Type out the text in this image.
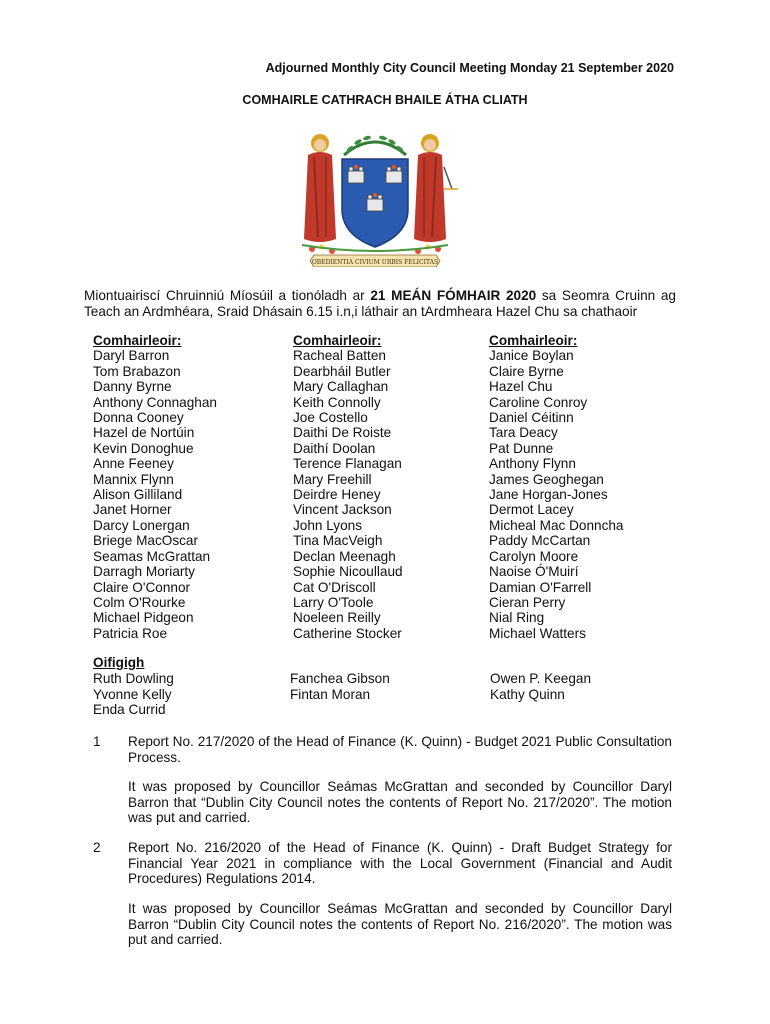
Adjourned Monthly City Council Meeting Monday 21 September 2020
COMHAIRLE CATHRACH BHAILE ÁTHA CLIATH
OBEDIENTIA CIVIUM URBIS FELICITAS
Miontuairiscí Chruinniú Míosúil a tionóladh ar 21 MEÁN FÓMHAIR 2020 sa Seomra Cruinn ag Teach an Ardmhéara, Sraid Dhásain 6.15 i.n,i láthair an tArdmheara Hazel Chu sa chathaoir
Comhairleoir:
Daryl Barron
Tom Brabazon
Danny Byrne
Anthony Connaghan
Donna Cooney
Hazel de Nortúin
Kevin Donoghue
Anne Feeney
Mannix Flynn
Alison Gilliland
Janet Horner
Darcy Lonergan
Briege MacOscar
Seamas McGrattan
Darragh Moriarty
Claire O'Connor
Colm O'Rourke
Michael Pidgeon
Patricia Roe
Comhairleoir:
Racheal Batten
Dearbháil Butler
Mary Callaghan
Keith Connolly
Joe Costello
Daithi De Roiste
Daithí Doolan
Terence Flanagan
Mary Freehill
Deirdre Heney
Vincent Jackson
John Lyons
Tina MacVeigh
Declan Meenagh
Sophie Nicoullaud
Cat O'Driscoll
Larry O'Toole
Noeleen Reilly
Catherine Stocker
Comhairleoir:
Janice Boylan
Claire Byrne
Hazel Chu
Caroline Conroy
Daniel Céitinn
Tara Deacy
Pat Dunne
Anthony Flynn
James Geoghegan
Jane Horgan-Jones
Dermot Lacey
Micheal Mac Donncha
Paddy McCartan
Carolyn Moore
Naoise Ó'Muirí
Damian O'Farrell
Cieran Perry
Nial Ring
Michael Watters
Oifigigh
Ruth Dowling
Yvonne Kelly
Enda Currid
Fanchea Gibson
Fintan Moran
Owen P. Keegan
Kathy Quinn
1 Report No. 217/2020 of the Head of Finance (K. Quinn) - Budget 2021 Public Consultation Process.
It was proposed by Councillor Seámas McGrattan and seconded by Councillor Daryl Barron that “Dublin City Council notes the contents of Report No. 217/2020”. The motion was put and carried.
2 Report No. 216/2020 of the Head of Finance (K. Quinn) - Draft Budget Strategy for Financial Year 2021 in compliance with the Local Government (Financial and Audit Procedures) Regulations 2014.
It was proposed by Councillor Seámas McGrattan and seconded by Councillor Daryl Barron “Dublin City Council notes the contents of Report No. 216/2020”. The motion was put and carried.
